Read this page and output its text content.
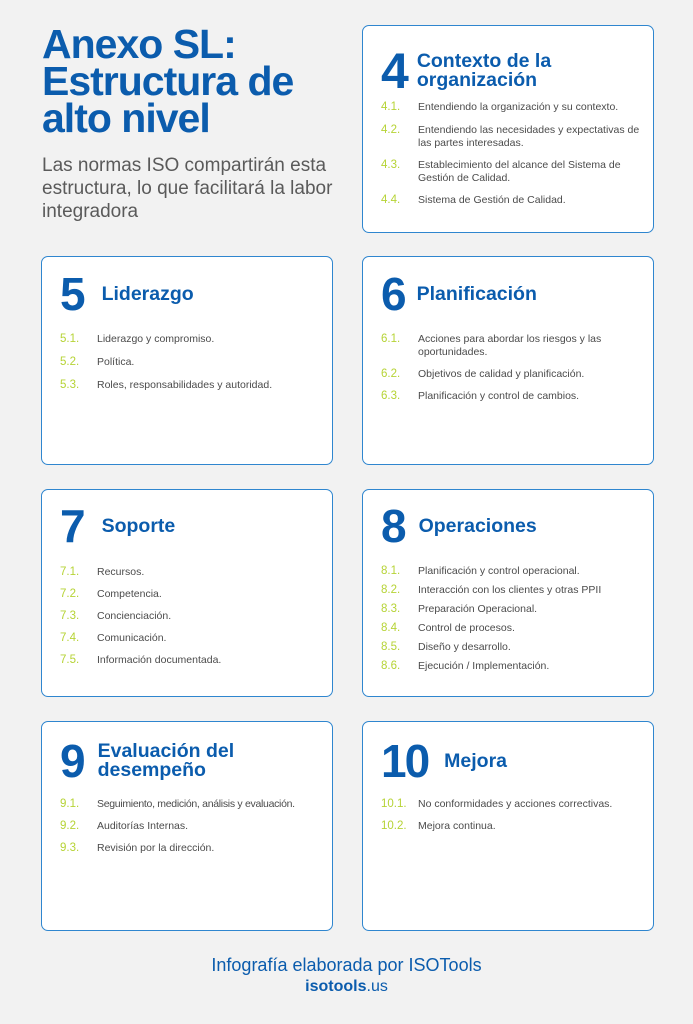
Anexo SL:
Estructura de
alto nivel

Las normas ISO compartirán esta estructura, lo que facilitará la labor integradora

4 Contexto de la organización
4.1.	Entendiendo la organización y su contexto.
4.2.	Entendiendo las necesidades y expectativas de las partes interesadas.
4.3.	Establecimiento del alcance del Sistema de Gestión de Calidad.
4.4.	Sistema de Gestión de Calidad.
5 Liderazgo
5.1.	Liderazgo y compromiso.
5.2.	Política.
5.3.	Roles, responsabilidades y autoridad.
6 Planificación
6.1.	Acciones para abordar los riesgos y las oportunidades.
6.2.	Objetivos de calidad y planificación.
6.3.	Planificación y control de cambios.
7 Soporte
7.1.	Recursos.
7.2.	Competencia.
7.3.	Concienciación.
7.4.	Comunicación.
7.5.	Información documentada.
8 Operaciones
8.1.	Planificación y control operacional.
8.2.	Interacción con los clientes y otras PPII
8.3.	Preparación Operacional.
8.4.	Control de procesos.
8.5.	Diseño y desarrollo.
8.6.	Ejecución / Implementación.
9 Evaluación del desempeño
9.1.	Seguimiento, medición, análisis y evaluación.
9.2.	Auditorías Internas.
9.3.	Revisión por la dirección.
10 Mejora
10.1.	No conformidades y acciones correctivas.
10.2.	Mejora continua.
Infografía elaborada por ISOTools
isotools.us
